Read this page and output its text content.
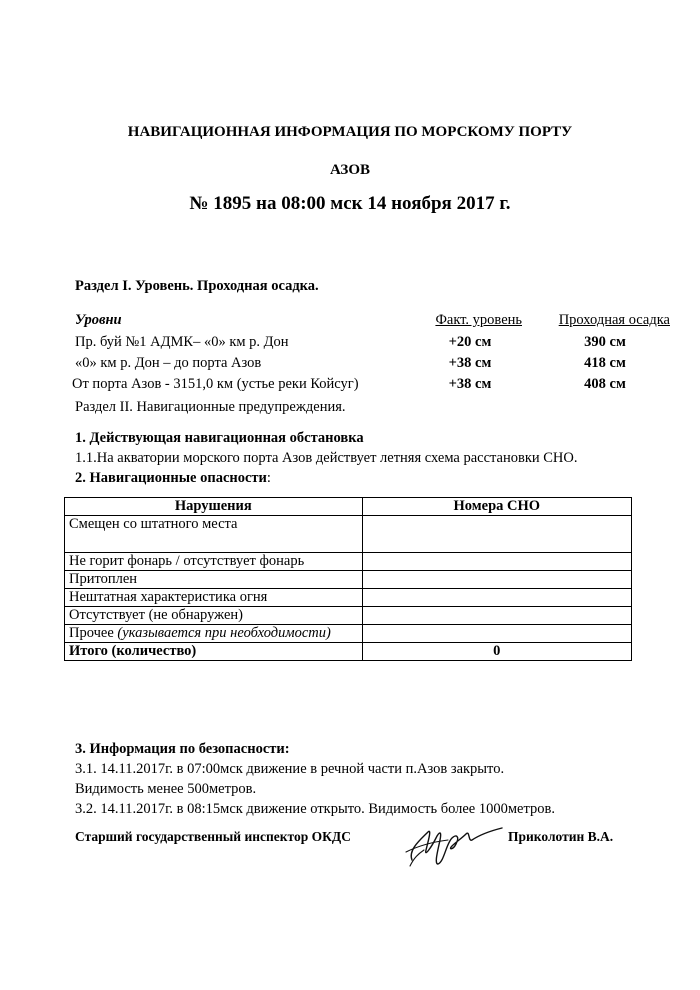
НАВИГАЦИОННАЯ ИНФОРМАЦИЯ ПО МОРСКОМУ ПОРТУ
АЗОВ
№ 1895 на 08:00 мск 14 ноября 2017 г.
Раздел I. Уровень. Проходная осадка.
Уровни	Факт. уровень	Проходная осадка
Пр. буй №1 АДМК– «0» км р. Дон	+20 см	390 см
«0» км р. Дон – до порта Азов	+38 см	418 см
От порта Азов - 3151,0 км (устье реки Койсуг)	+38 см	408 см
Раздел II. Навигационные предупреждения.
1. Действующая навигационная обстановка
1.1.На акватории морского порта Азов действует летняя схема расстановки СНО.
2. Навигационные опасности:
Нарушения	Номера СНО
Смещен со штатного места	
Не горит фонарь / отсутствует фонарь	
Притоплен	
Нештатная характеристика огня	
Отсутствует (не обнаружен)	
Прочее (указывается при необходимости)	
Итого (количество)	0
3. Информация по безопасности:
3.1. 14.11.2017г. в 07:00мск движение в речной части п.Азов закрыто.
Видимость менее 500метров.
3.2. 14.11.2017г. в 08:15мск движение открыто. Видимость более 1000метров.
Старший государственный инспектор ОКДС	Приколотин В.А.
